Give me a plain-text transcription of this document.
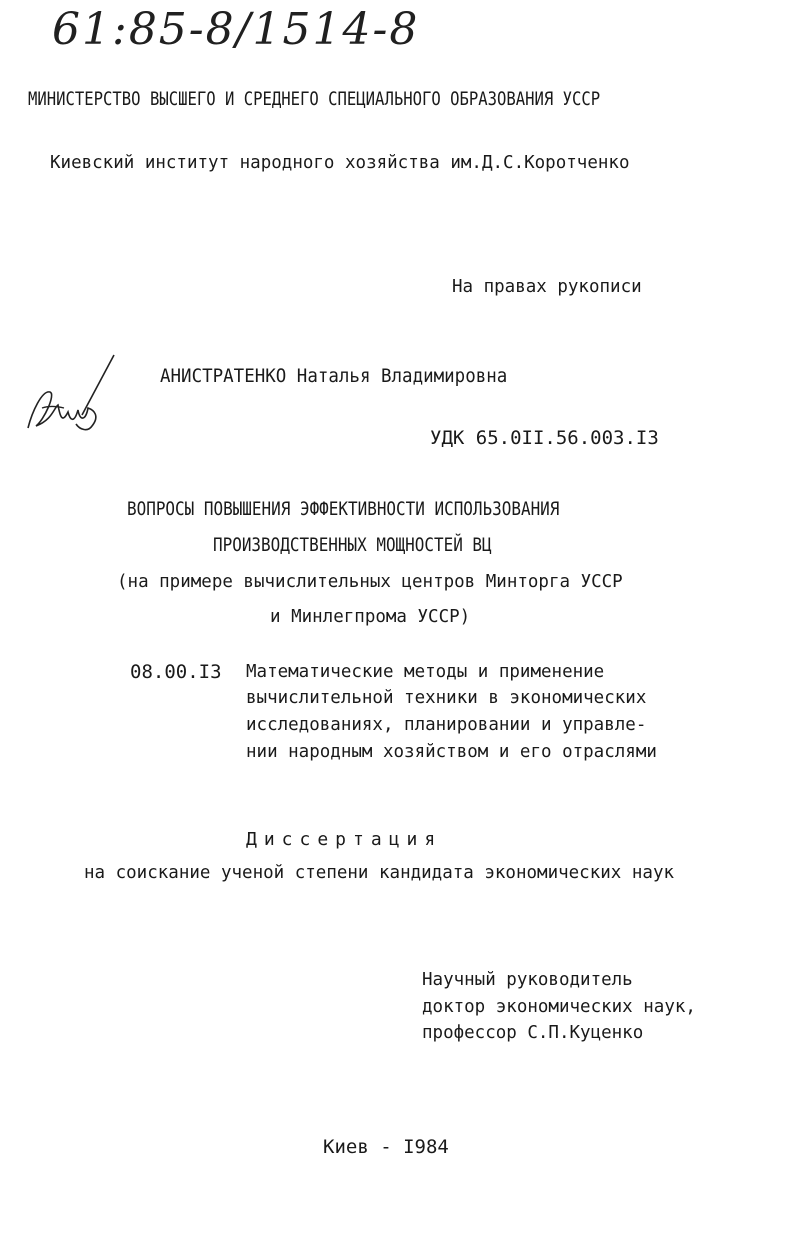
61:85-8/1514-8
МИНИСТЕРСТВО ВЫСШЕГО И СРЕДНЕГО СПЕЦИАЛЬНОГО ОБРАЗОВАНИЯ УССР
Киевский институт народного хозяйства им.Д.С.Коротченко
На правах рукописи
АНИСТРАТЕНКО Наталья Владимировна
УДК 65.0II.56.003.I3
ВОПРОСЫ ПОВЫШЕНИЯ ЭФФЕКТИВНОСТИ ИСПОЛЬЗОВАНИЯ
ПРОИЗВОДСТВЕННЫХ МОЩНОСТЕЙ ВЦ
(на примере вычислительных центров Минторга УССР
и Минлегпрома УССР)
08.00.I3 Математические методы и применение
вычислительной техники в экономических
исследованиях, планировании и управле-
нии народным хозяйством и его отраслями
Диссертация
на соискание ученой степени кандидата экономических наук
Научный руководитель
доктор экономических наук,
профессор С.П.Куценко
Киев - I984
